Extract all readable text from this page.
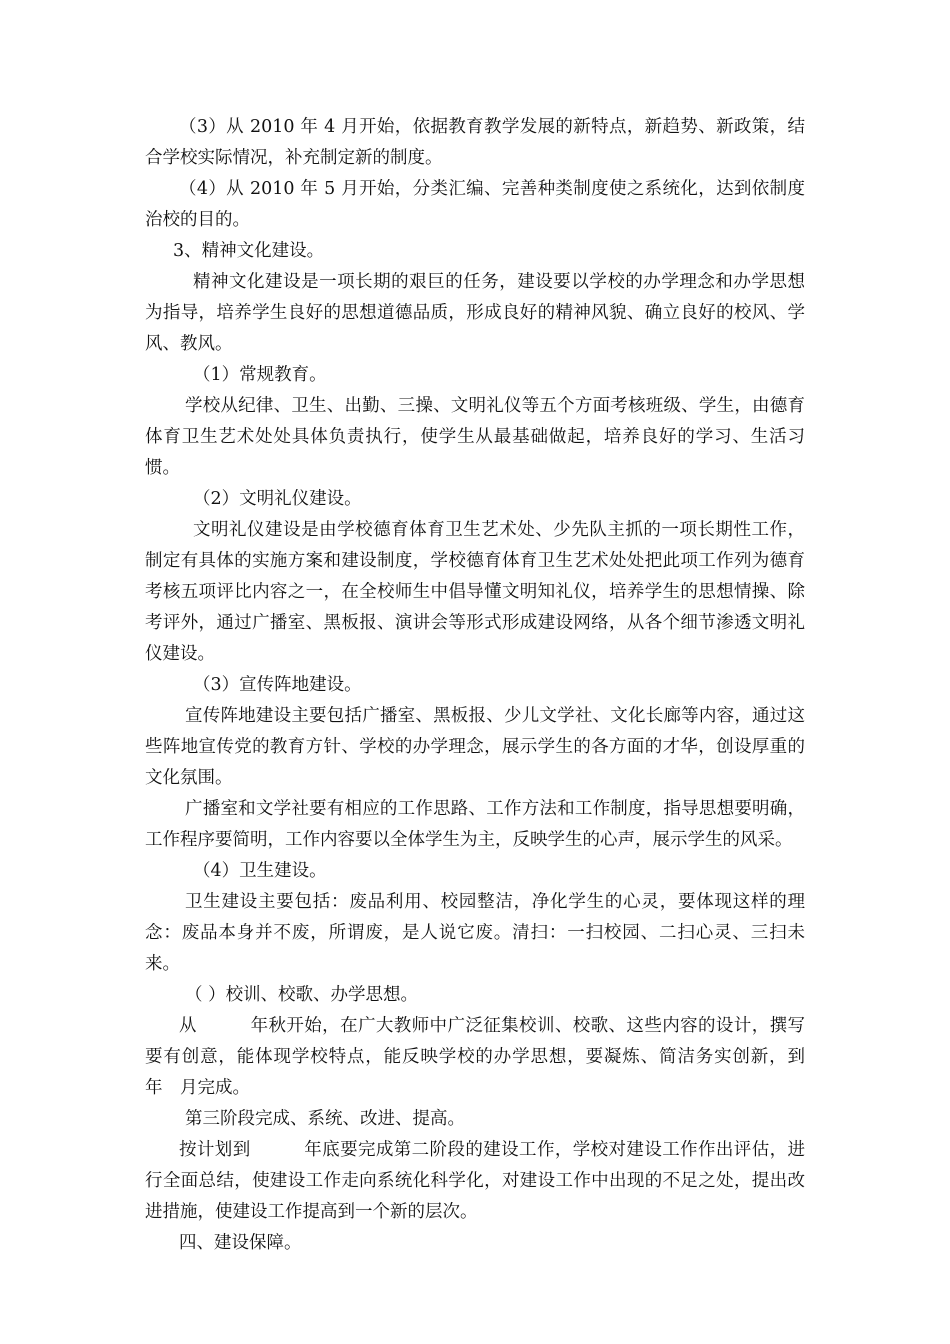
（3）从 2010 年 4 月开始，依据教育教学发展的新特点，新趋势、新政策，结合学校实际情况，补充制定新的制度。

（4）从 2010 年 5 月开始，分类汇编、完善种类制度使之系统化，达到依制度治校的目的。

3、精神文化建设。

精神文化建设是一项长期的艰巨的任务，建设要以学校的办学理念和办学思想为指导，培养学生良好的思想道德品质，形成良好的精神风貌、确立良好的校风、学风、教风。

（1）常规教育。

学校从纪律、卫生、出勤、三操、文明礼仪等五个方面考核班级、学生，由德育体育卫生艺术处处具体负责执行，使学生从最基础做起，培养良好的学习、生活习惯。

（2）文明礼仪建设。

文明礼仪建设是由学校德育体育卫生艺术处、少先队主抓的一项长期性工作，制定有具体的实施方案和建设制度，学校德育体育卫生艺术处处把此项工作列为德育考核五项评比内容之一，在全校师生中倡导懂文明知礼仪，培养学生的思想情操、除考评外，通过广播室、黑板报、演讲会等形式形成建设网络，从各个细节渗透文明礼仪建设。

（3）宣传阵地建设。

宣传阵地建设主要包括广播室、黑板报、少儿文学社、文化长廊等内容，通过这些阵地宣传党的教育方针、学校的办学理念，展示学生的各方面的才华，创设厚重的文化氛围。

广播室和文学社要有相应的工作思路、工作方法和工作制度，指导思想要明确，工作程序要简明，工作内容要以全体学生为主，反映学生的心声，展示学生的风采。

（4）卫生建设。

卫生建设主要包括：废品利用、校园整洁，净化学生的心灵，要体现这样的理念：废品本身并不废，所谓废，是人说它废。清扫：一扫校园、二扫心灵、三扫未来。

（ ）校训、校歌、办学思想。

从　　　年秋开始，在广大教师中广泛征集校训、校歌、这些内容的设计，撰写要有创意，能体现学校特点，能反映学校的办学思想，要凝炼、简洁务实创新，到　　　年　月完成。

第三阶段完成、系统、改进、提高。

按计划到　　　年底要完成第二阶段的建设工作，学校对建设工作作出评估，进行全面总结，使建设工作走向系统化科学化，对建设工作中出现的不足之处，提出改进措施，使建设工作提高到一个新的层次。

四、建设保障。
